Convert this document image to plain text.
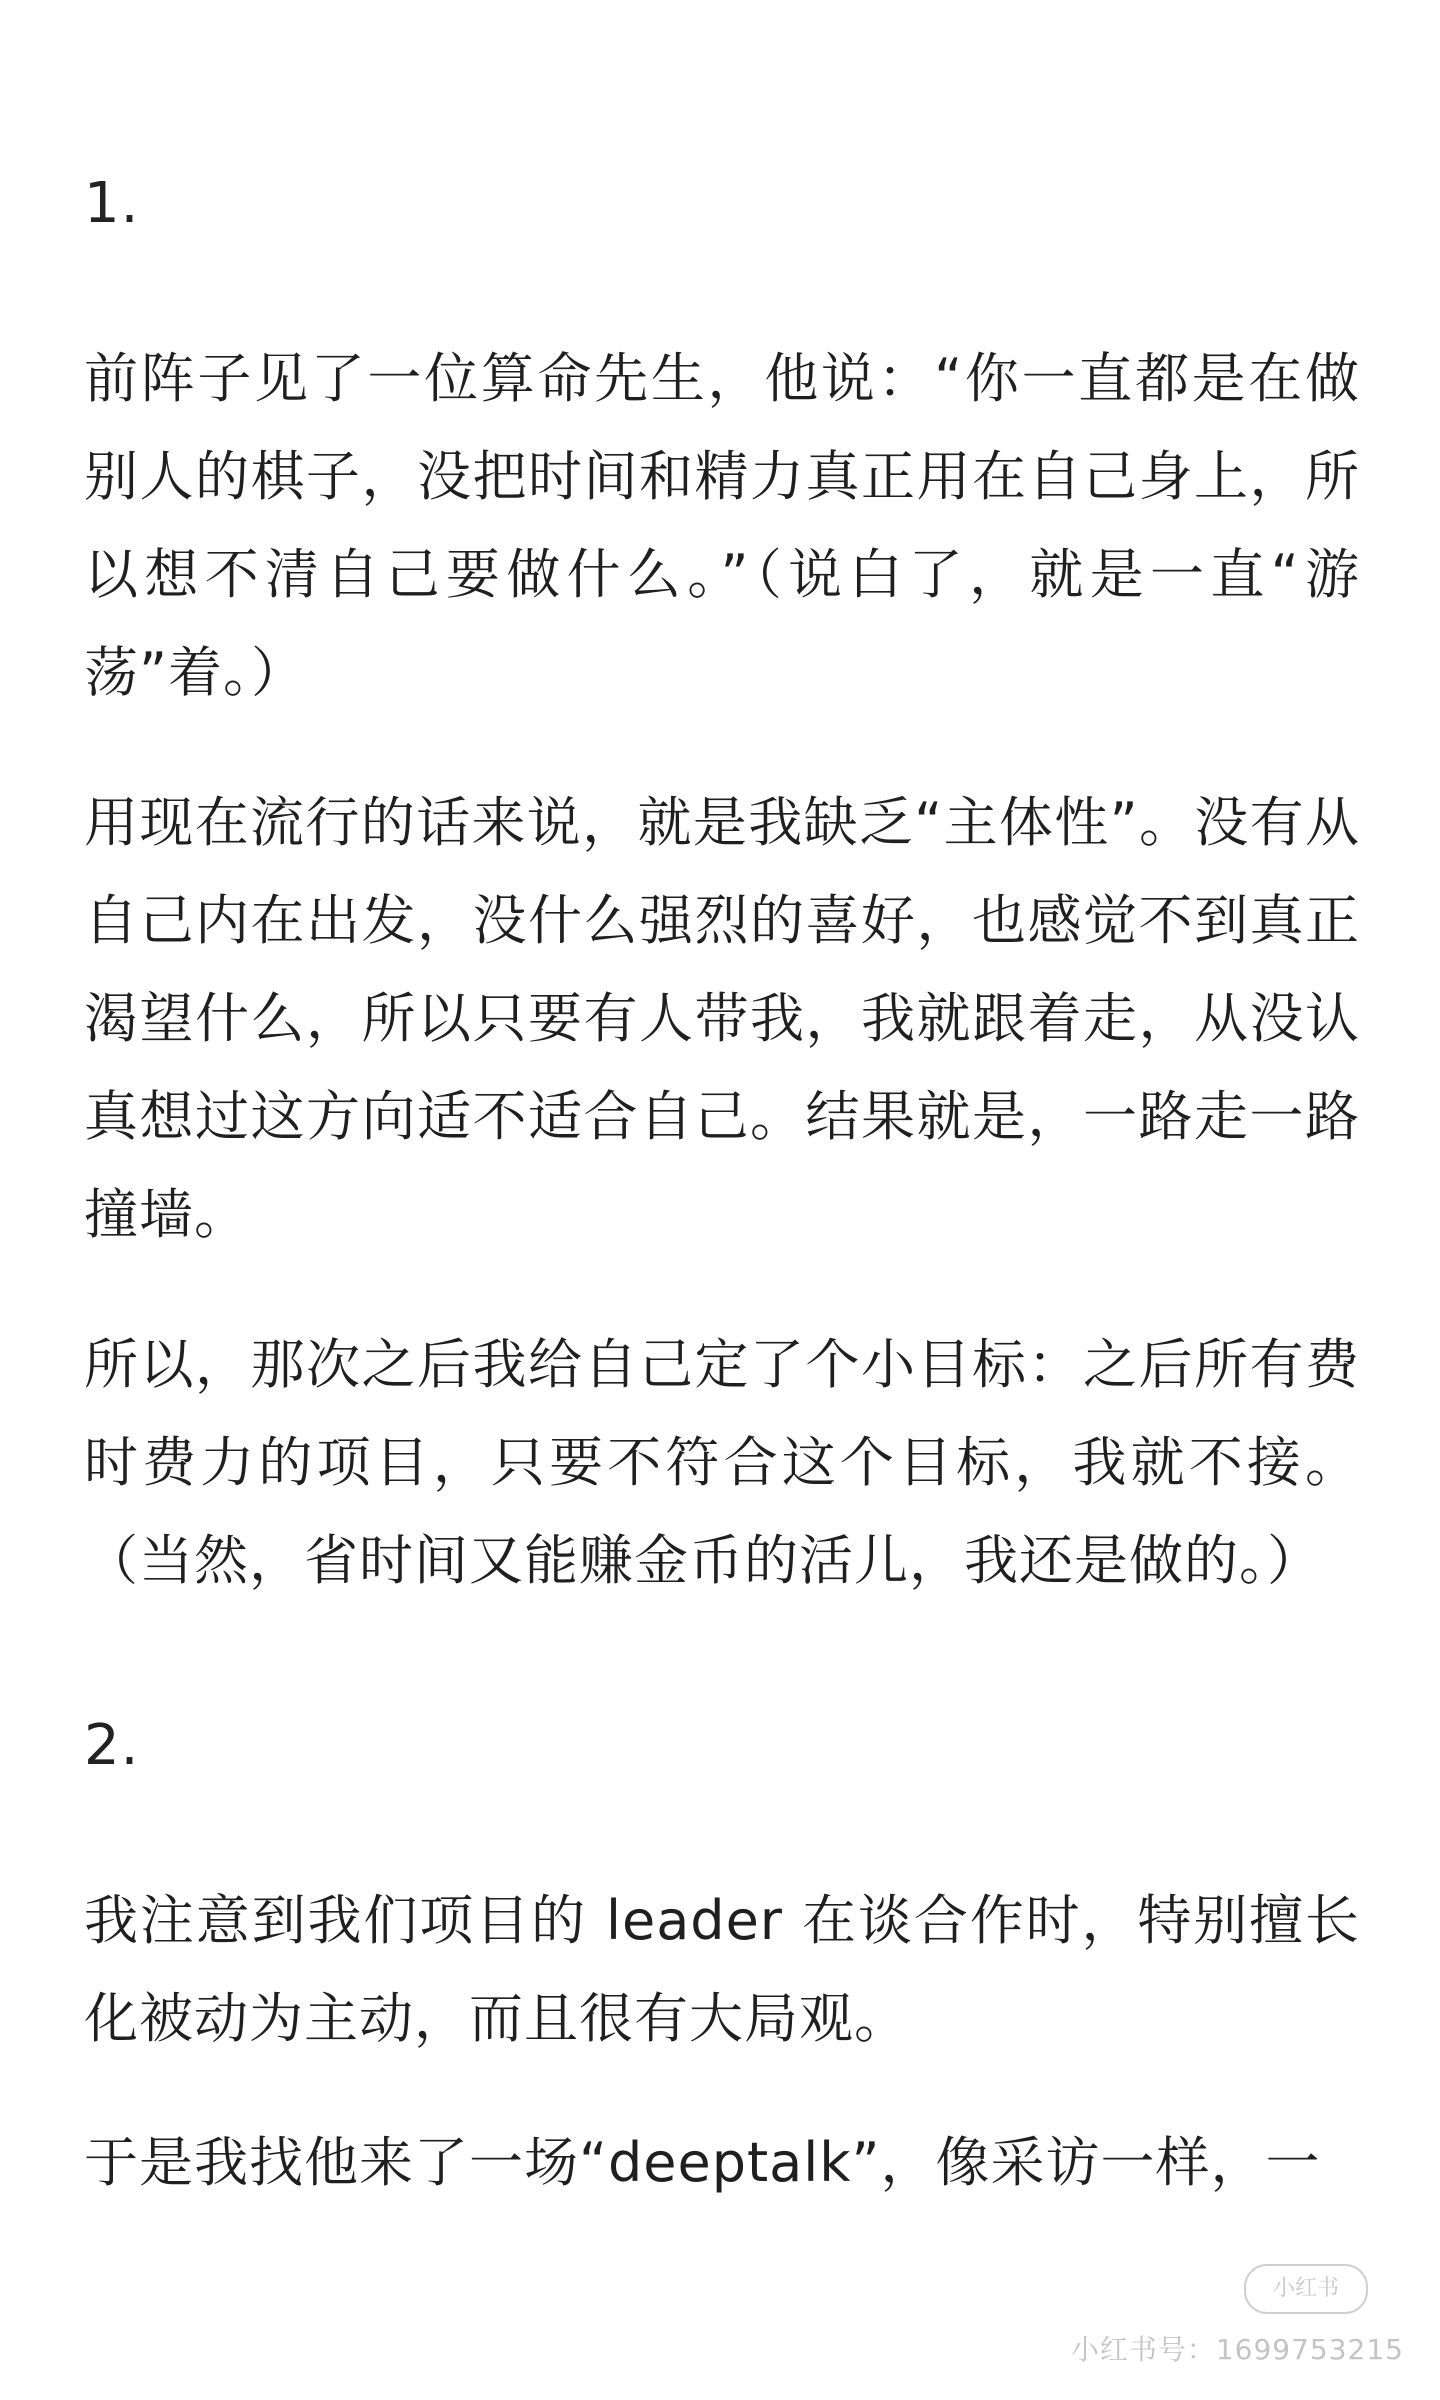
1.

前阵子见了一位算命先生，他说：“你一直都是在做别人的棋子，没把时间和精力真正用在自己身上，所以想不清自己要做什么。”（说白了，就是一直“游荡”着。）

用现在流行的话来说，就是我缺乏“主体性”。没有从自己内在出发，没什么强烈的喜好，也感觉不到真正渴望什么，所以只要有人带我，我就跟着走，从没认真想过这方向适不适合自己。结果就是，一路走一路撞墙。

所以，那次之后我给自己定了个小目标：之后所有费时费力的项目，只要不符合这个目标，我就不接。（当然，省时间又能赚金币的活儿，我还是做的。）

2.

我注意到我们项目的 leader 在谈合作时，特别擅长化被动为主动，而且很有大局观。

于是我找他来了一场“deeptalk”，像采访一样，一

小红书
小红书号：1699753215
